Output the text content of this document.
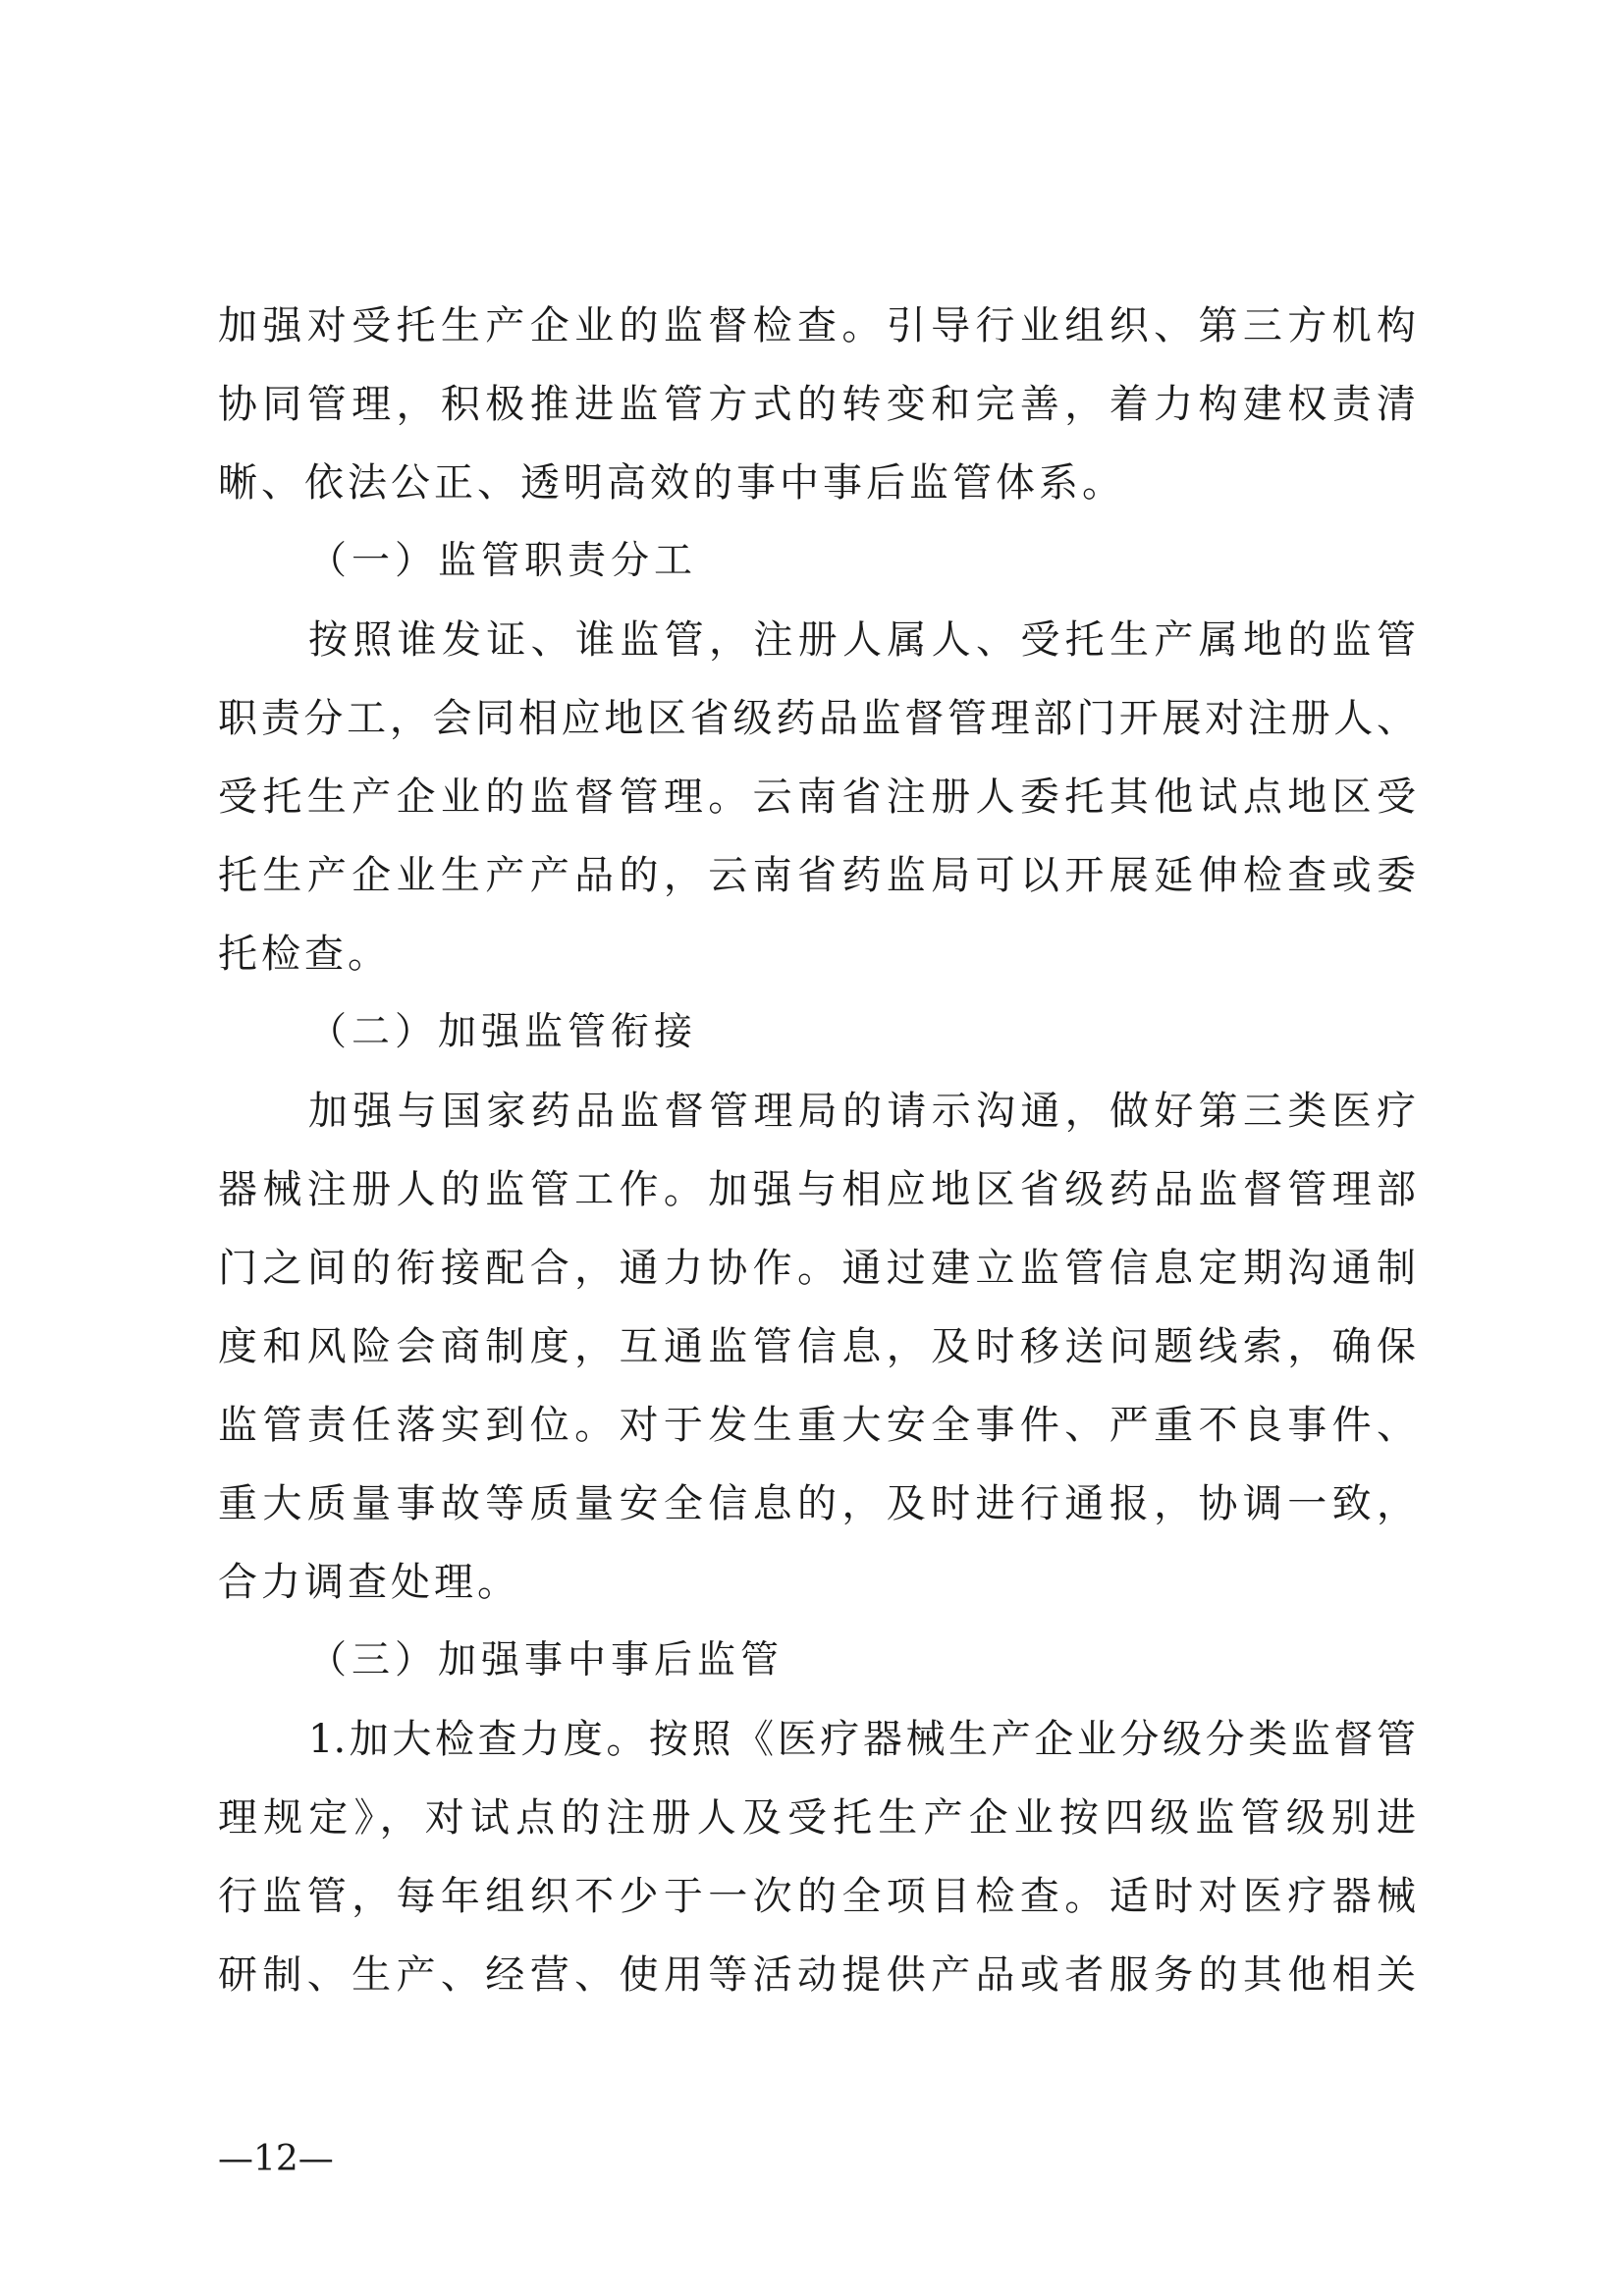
加强对受托生产企业的监督检查。引导行业组织、第三方机构
协同管理，积极推进监管方式的转变和完善，着力构建权责清
晰、依法公正、透明高效的事中事后监管体系。
（一）监管职责分工
按照谁发证、谁监管，注册人属人、受托生产属地的监管
职责分工，会同相应地区省级药品监督管理部门开展对注册人、
受托生产企业的监督管理。云南省注册人委托其他试点地区受
托生产企业生产产品的，云南省药监局可以开展延伸检查或委
托检查。
（二）加强监管衔接
加强与国家药品监督管理局的请示沟通，做好第三类医疗
器械注册人的监管工作。加强与相应地区省级药品监督管理部
门之间的衔接配合，通力协作。通过建立监管信息定期沟通制
度和风险会商制度，互通监管信息，及时移送问题线索，确保
监管责任落实到位。对于发生重大安全事件、严重不良事件、
重大质量事故等质量安全信息的，及时进行通报，协调一致，
合力调查处理。
（三）加强事中事后监管
1.加大检查力度。按照《医疗器械生产企业分级分类监督管
理规定》，对试点的注册人及受托生产企业按四级监管级别进
行监管，每年组织不少于一次的全项目检查。适时对医疗器械
研制、生产、经营、使用等活动提供产品或者服务的其他相关
—12—
